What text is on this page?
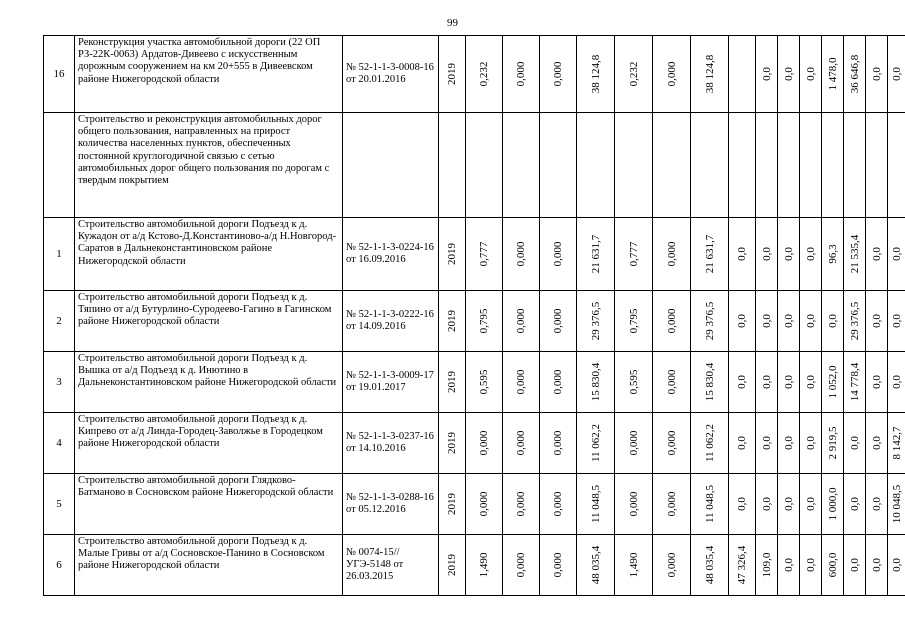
99
16	Реконструкция участка автомобильной дороги (22 ОП РЗ-22К-0063) Ардатов-Дивеево с искусственным дорожным сооружением на км 20+555 в Дивеевском районе Нижегородской области	№ 52-1-1-3-0008-16 от 20.01.2016	2019	0,232	0,000	0,000	38 124,8	0,232	0,000	38 124,8		0,0	0,0	0,0	1 478,0	36 646,8	0,0	0,0

	Строительство и реконструкция автомобильных дорог общего пользования, направленных на прирост количества населенных пунктов, обеспеченных постоянной круглогодичной связью с сетью автомобильных дорог общего пользования по дорогам с твердым покрытием		

1	Строительство автомобильной дороги Подъезд к д. Кужадон от а/д Кстово-Д.Константиново-а/д Н.Новгород-Саратов в Дальнеконстантиновском районе Нижегородской области	№ 52-1-1-3-0224-16 от 16.09.2016	2019	0,777	0,000	0,000	21 631,7	0,777	0,000	21 631,7	0,0	0,0	0,0	0,0	96,3	21 535,4	0,0	0,0

2	Строительство автомобильной дороги Подъезд к д. Тяпино от а/д Бутурлино-Суродеево-Гагино в Гагинском районе Нижегородской области	№ 52-1-1-3-0222-16 от 14.09.2016	2019	0,795	0,000	0,000	29 376,5	0,795	0,000	29 376,5	0,0	0,0	0,0	0,0	0,0	29 376,5	0,0	0,0

3	Строительство автомобильной дороги Подъезд к д. Вышка от а/д Подъезд к д. Инютино в Дальнеконстантиновском районе Нижегородской области	№ 52-1-1-3-0009-17 от 19.01.2017	2019	0,595	0,000	0,000	15 830,4	0,595	0,000	15 830,4	0,0	0,0	0,0	0,0	1 052,0	14 778,4	0,0	0,0

4	Строительство автомобильной дороги Подъезд к д. Кипрево от а/д Линда-Городец-Заволжье в Городецком районе Нижегородской области	№ 52-1-1-3-0237-16 от 14.10.2016	2019	0,000	0,000	0,000	11 062,2	0,000	0,000	11 062,2	0,0	0,0	0,0	0,0	2 919,5	0,0	0,0	8 142,7

5	Строительство автомобильной дороги Глядково-Батманово в Сосновском районе Нижегородской области	№ 52-1-1-3-0288-16 от 05.12.2016	2019	0,000	0,000	0,000	11 048,5	0,000	0,000	11 048,5	0,0	0,0	0,0	0,0	1 000,0	0,0	0,0	10 048,5

6	Строительство автомобильной дороги Подъезд к д. Малые Гривы от а/д Сосновское-Панино в Сосновском районе Нижегородской области	№ 0074-15//УГЭ-5148 от 26.03.2015	2019	1,490	0,000	0,000	48 035,4	1,490	0,000	48 035,4	47 326,4	109,0	0,0	0,0	600,0	0,0	0,0	0,0
